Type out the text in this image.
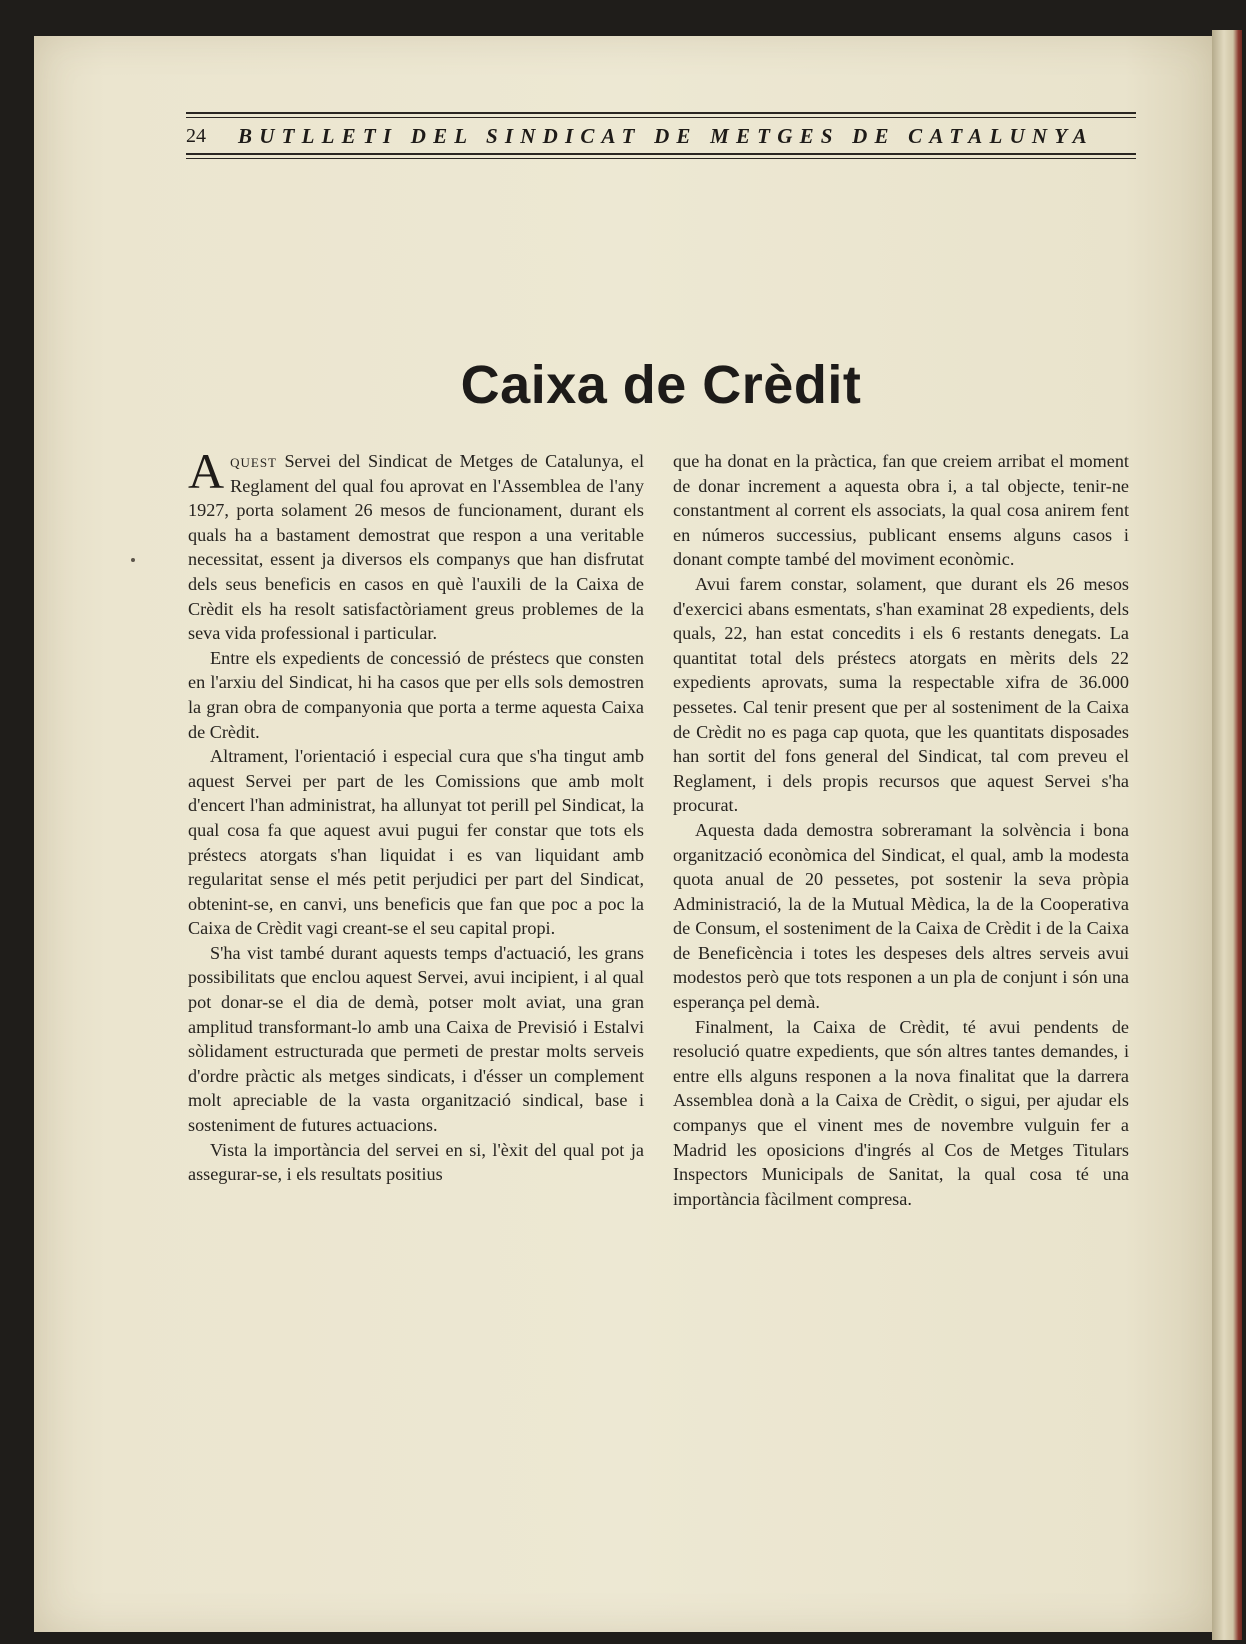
24	BUTLLETI DEL SINDICAT DE METGES DE CATALUNYA
Caixa de Crèdit

Aquest Servei del Sindicat de Metges de Catalunya, el Reglament del qual fou aprovat en l'Assemblea de l'any 1927, porta solament 26 mesos de funcionament, durant els quals ha a bastament demostrat que respon a una veritable necessitat, essent ja diversos els companys que han disfrutat dels seus beneficis en casos en què l'auxili de la Caixa de Crèdit els ha resolt satisfactòriament greus problemes de la seva vida professional i particular.

Entre els expedients de concessió de préstecs que consten en l'arxiu del Sindicat, hi ha casos que per ells sols demostren la gran obra de companyonia que porta a terme aquesta Caixa de Crèdit.

Altrament, l'orientació i especial cura que s'ha tingut amb aquest Servei per part de les Comissions que amb molt d'encert l'han administrat, ha allunyat tot perill pel Sindicat, la qual cosa fa que aquest avui pugui fer constar que tots els préstecs atorgats s'han liquidat i es van liquidant amb regularitat sense el més petit perjudici per part del Sindicat, obtenint-se, en canvi, uns beneficis que fan que poc a poc la Caixa de Crèdit vagi creant-se el seu capital propi.

S'ha vist també durant aquests temps d'actuació, les grans possibilitats que enclou aquest Servei, avui incipient, i al qual pot donar-se el dia de demà, potser molt aviat, una gran amplitud transformant-lo amb una Caixa de Previsió i Estalvi sòlidament estructurada que permeti de prestar molts serveis d'ordre pràctic als metges sindicats, i d'ésser un complement molt apreciable de la vasta organització sindical, base i sosteniment de futures actuacions.

Vista la importància del servei en si, l'èxit del qual pot ja assegurar-se, i els resultats positius

que ha donat en la pràctica, fan que creiem arribat el moment de donar increment a aquesta obra i, a tal objecte, tenir-ne constantment al corrent els associats, la qual cosa anirem fent en números successius, publicant ensems alguns casos i donant compte també del moviment econòmic.

Avui farem constar, solament, que durant els 26 mesos d'exercici abans esmentats, s'han examinat 28 expedients, dels quals, 22, han estat concedits i els 6 restants denegats. La quantitat total dels préstecs atorgats en mèrits dels 22 expedients aprovats, suma la respectable xifra de 36.000 pessetes. Cal tenir present que per al sosteniment de la Caixa de Crèdit no es paga cap quota, que les quantitats disposades han sortit del fons general del Sindicat, tal com preveu el Reglament, i dels propis recursos que aquest Servei s'ha procurat.

Aquesta dada demostra sobreramant la solvència i bona organització econòmica del Sindicat, el qual, amb la modesta quota anual de 20 pessetes, pot sostenir la seva pròpia Administració, la de la Mutual Mèdica, la de la Cooperativa de Consum, el sosteniment de la Caixa de Crèdit i de la Caixa de Beneficència i totes les despeses dels altres serveis avui modestos però que tots responen a un pla de conjunt i són una esperança pel demà.

Finalment, la Caixa de Crèdit, té avui pendents de resolució quatre expedients, que són altres tantes demandes, i entre ells alguns responen a la nova finalitat que la darrera Assemblea donà a la Caixa de Crèdit, o sigui, per ajudar els companys que el vinent mes de novembre vulguin fer a Madrid les oposicions d'ingrés al Cos de Metges Titulars Inspectors Municipals de Sanitat, la qual cosa té una importància fàcilment compresa.
